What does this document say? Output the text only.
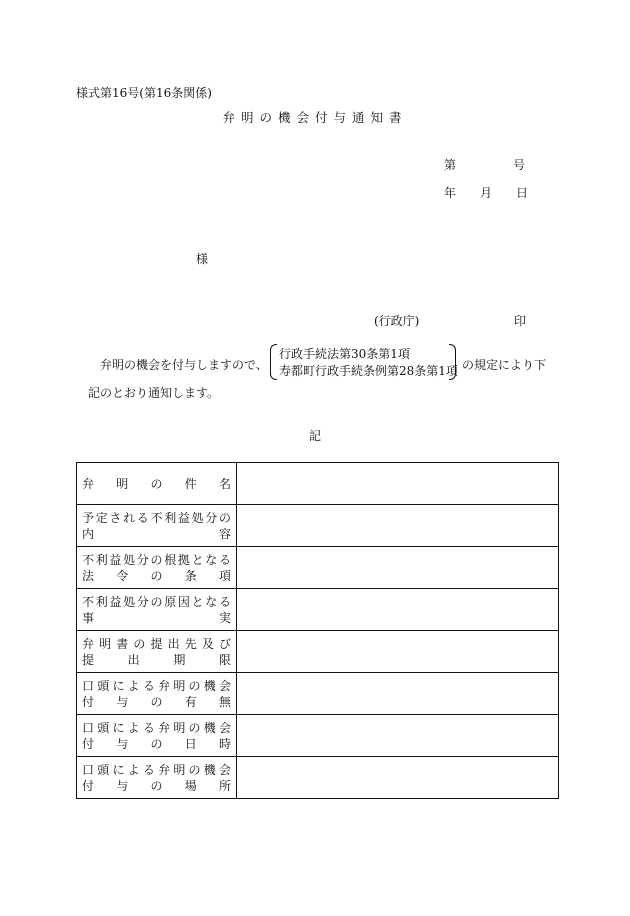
様式第16号(第16条関係)
弁明の機会付与通知書
第	号
年 月 日
様
(行政庁)	印
弁明の機会を付与しますので、
行政手続法第30条第1項
寿都町行政手続条例第28条第1項 の規定により下
記のとおり通知します。
記
弁明の件名	

予定される不利益処分の
内容	

不利益処分の根拠となる
法令の条項	

不利益処分の原因となる
事実	

弁明書の提出先及び
提出期限	

口頭による弁明の機会
付与の有無	

口頭による弁明の機会
付与の日時	

口頭による弁明の機会
付与の場所	
